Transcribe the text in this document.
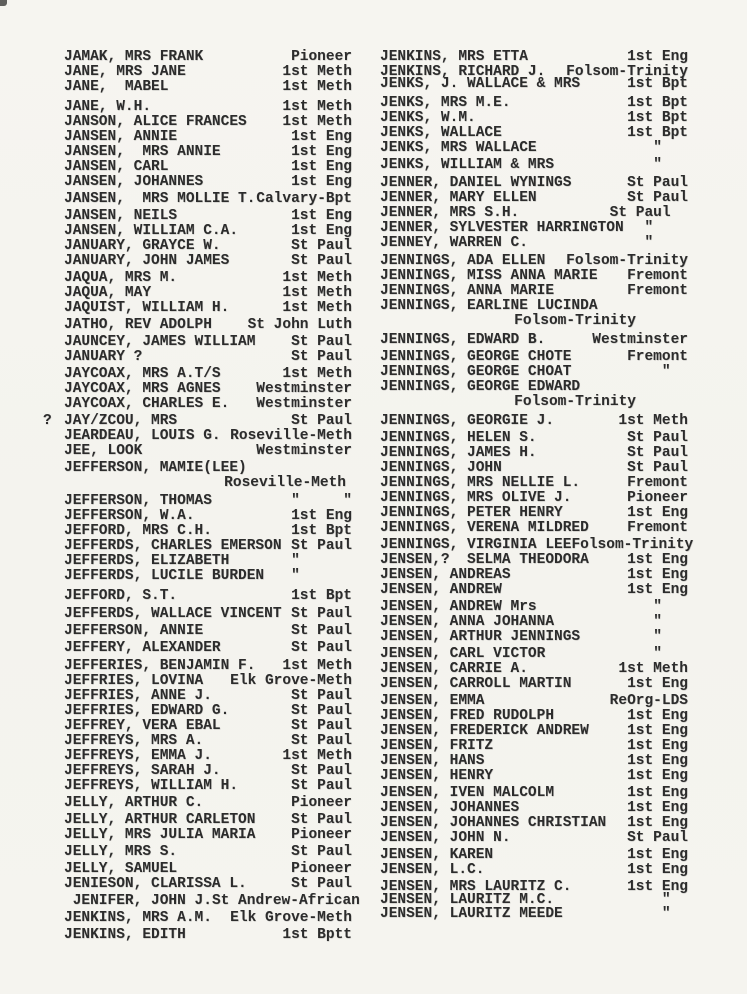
JAMAK, MRS FRANK	Pioneer
JANE, MRS JANE	1st Meth
JANE,  MABEL	1st Meth
JANE, W.H.	1st Meth
JANSON, ALICE FRANCES 1st Meth
JANSEN, ANNIE	1st Eng
JANSEN,  MRS ANNIE	1st Eng
JANSEN, CARL	1st Eng
JANSEN, JOHANNES	1st Eng
JANSEN,  MRS MOLLIE T. Calvary-Bpt
JANSEN, NEILS	1st Eng
JANSEN, WILLIAM C.A.	1st Eng
JANUARY, GRAYCE W.	St Paul
JANUARY, JOHN JAMES	St Paul
JAQUA, MRS M.	1st Meth
JAQUA, MAY	1st Meth
JAQUIST, WILLIAM H.	1st Meth
JATHO, REV ADOLPH St John Luth
JAUNCEY, JAMES WILLIAM St Paul
JANUARY ?	St Paul
JAYCOAX, MRS A.T/S	1st Meth
JAYCOAX, MRS AGNES Westminster
JAYCOAX, CHARLES E. Westminster
? JAY/ZCOU, MRS	St Paul
JEARDEAU, LOUIS G. Roseville-Meth
JEE, LOOK	Westminster
JEFFERSON, MAMIE(LEE)
Roseville-Meth
JEFFERSON, THOMAS	"     "
JEFFERSON, W.A.	1st Eng
JEFFORD, MRS C.H.	1st Bpt
JEFFERDS, CHARLES EMERSON St Paul
JEFFERDS, ELIZABETH	"
JEFFERDS, LUCILE BURDEN "
JEFFORD, S.T.	1st Bpt
JEFFERDS, WALLACE VINCENT St Paul
JEFFERSON, ANNIE	St Paul
JEFFERY, ALEXANDER	St Paul
JEFFERIES, BENJAMIN F. 1st Meth
JEFFRIES, LOVINA Elk Grove-Meth
JEFFRIES, ANNE J.	St Paul
JEFFRIES, EDWARD G.	St Paul
JEFFREY, VERA EBAL	St Paul
JEFFREYS, MRS A.	St Paul
JEFFREYS, EMMA J.	1st Meth
JEFFREYS, SARAH J.	St Paul
JEFFREYS, WILLIAM H.	St Paul
JELLY, ARTHUR C.	Pioneer
JELLY, ARTHUR CARLETON St Paul
JELLY, MRS JULIA MARIA Pioneer
JELLY, MRS S.	St Paul
JELLY, SAMUEL	Pioneer
JENIESON, CLARISSA L.	St Paul
JENIFER, JOHN J. St Andrew-African
JENKINS, MRS A.M. Elk Grove-Meth
JENKINS, EDITH	1st Bptt
JENKINS, MRS ETTA	1st Eng
JENKINS, RICHARD J. Folsom-Trinity
JENKS, J. WALLACE & MRS	1st Bpt
JENKS, MRS M.E.	1st Bpt
JENKS, W.M.	1st Bpt
JENKS, WALLACE	1st Bpt
JENKS, MRS WALLACE	"
JENKS, WILLIAM & MRS	"
JENNER, DANIEL WYNINGS	St Paul
JENNER, MARY ELLEN	St Paul
JENNER, MRS S.H.	St Paul
JENNER, SYLVESTER HARRINGTON "
JENNEY, WARREN C.	"
JENNINGS, ADA ELLEN Folsom-Trinity
JENNINGS, MISS ANNA MARIE Fremont
JENNINGS, ANNA MARIE	Fremont
JENNINGS, EARLINE LUCINDA
Folsom-Trinity
JENNINGS, EDWARD B.	Westminster
JENNINGS, GEORGE CHOTE	Fremont
JENNINGS, GEORGE CHOAT	"
JENNINGS, GEORGE EDWARD
Folsom-Trinity
JENNINGS, GEORGIE J.	1st Meth
JENNINGS, HELEN S.	St Paul
JENNINGS, JAMES H.	St Paul
JENNINGS, JOHN	St Paul
JENNINGS, MRS NELLIE L.	Fremont
JENNINGS, MRS OLIVE J.	Pioneer
JENNINGS, PETER HENRY	1st Eng
JENNINGS, VERENA MILDRED	Fremont
JENNINGS, VIRGINIA LEE Folsom-Trinity
JENSEN,?  SELMA THEODORA	1st Eng
JENSEN, ANDREAS	1st Eng
JENSEN, ANDREW	1st Eng
JENSEN, ANDREW Mrs	"
JENSEN, ANNA JOHANNA	"
JENSEN, ARTHUR JENNINGS	"
JENSEN, CARL VICTOR	"
JENSEN, CARRIE A.	1st Meth
JENSEN, CARROLL MARTIN	1st Eng
JENSEN, EMMA	ReOrg-LDS
JENSEN, FRED RUDOLPH	1st Eng
JENSEN, FREDERICK ANDREW	1st Eng
JENSEN, FRITZ	1st Eng
JENSEN, HANS	1st Eng
JENSEN, HENRY	1st Eng
JENSEN, IVEN MALCOLM	1st Eng
JENSEN, JOHANNES	1st Eng
JENSEN, JOHANNES CHRISTIAN 1st Eng
JENSEN, JOHN N.	St Paul
JENSEN, KAREN	1st Eng
JENSEN, L.C.	1st Eng
JENSEN, MRS LAURITZ C.	1st Eng
JENSEN, LAURITZ M.C.	"
JENSEN, LAURITZ MEEDE	"
